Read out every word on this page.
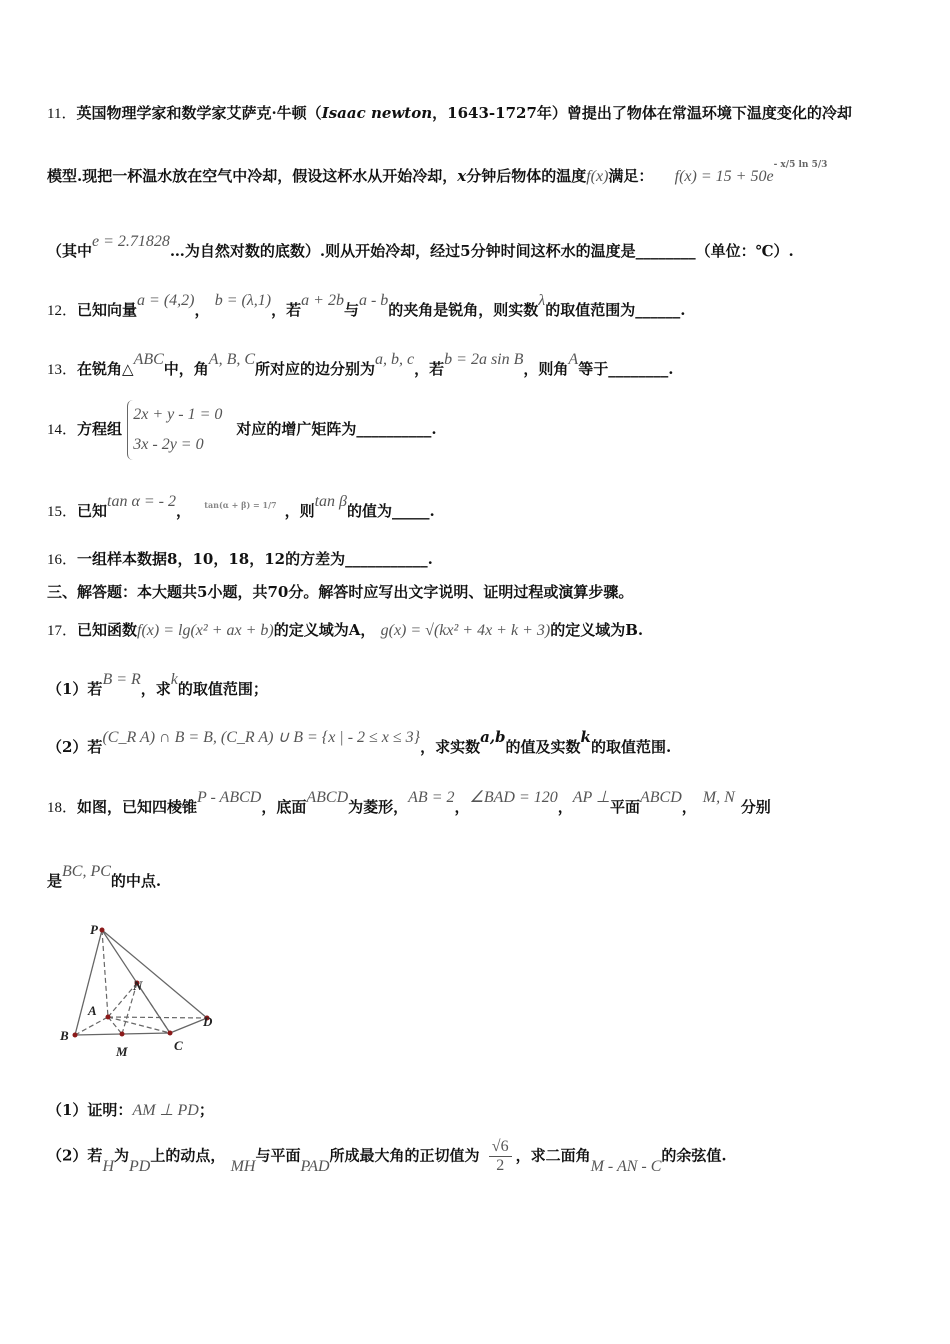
11．英国物理学家和数学家艾萨克·牛顿（Isaac newton，1643-1727年）曾提出了物体在常温环境下温度变化的冷却
模型.现把一杯温水放在空气中冷却，假设这杯水从开始冷却，x分钟后物体的温度f(x)满足： $f(x) = 15 + 50e^{- x/5 ln 5/3}$
（其中e = 2.71828…为自然对数的底数）.则从开始冷却，经过5分钟时间这杯水的温度是________（单位：℃）.
12．已知向量a = (4,2)， b = (λ,1)，若a + 2b与a - b的夹角是锐角，则实数λ的取值范围为______.
13．在锐角△ABC中，角A, B, C所对应的边分别为a, b, c，若b = 2a sin B，则角A等于________.
14．方程组
2x + y - 1 = 0
3x - 2y = 0
对应的增广矩阵为__________.
15．已知tan α = - 2， $^{tan(\alpha + \beta) = 1/7}$ ，则tan β的值为_____.
16．一组样本数据8，10，18，12的方差为___________.
三、解答题：本大题共5小题，共70分。解答时应写出文字说明、证明过程或演算步骤。
17．已知函数f(x) = lg(x² + ax + b)的定义域为A， g(x) = √(kx² + 4x + k + 3)的定义域为B.
（1）若B = R，求k的取值范围；
（2）若(C_R A) ∩ B = B, (C_R A) ∪ B = {x | - 2 ≤ x ≤ 3}，求实数a,b的值及实数k的取值范围.
18．如图，已知四棱锥P - ABCD，底面ABCD为菱形，AB = 2，∠BAD = 120，AP ⊥平面ABCD，M, N分别
是BC, PC的中点.
P
N
A
D
B
M	C
（1）证明：AM ⊥ PD；
（2）若H为PD上的动点， MH与平面PAD所成最大角的正切值为 $\frac{√6}{2}$ ，求二面角M - AN - C的余弦值.
